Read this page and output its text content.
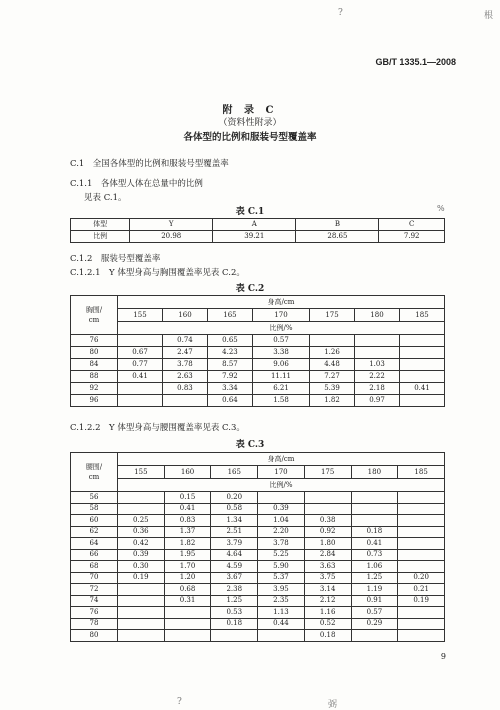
?	根
GB/T 1335.1—2008
附 录 C
（资料性附录）
各体型的比例和服装号型覆盖率
C.1　全国各体型的比例和服装号型覆盖率
C.1.1　各体型人体在总量中的比例
见表 C.1。
表 C.1	%
体型	Y	A	B	C
比例	20.98	39.21	28.65	7.92
C.1.2　服装号型覆盖率
C.1.2.1　Y 体型身高与胸围覆盖率见表 C.2。
表 C.2
胸围/
cm	身高/cm						
	155	160	165	170	175	180	185
	比例/%						
76		0.74	0.65	0.57			
80	0.67	2.47	4.23	3.38	1.26		
84	0.77	3.78	8.57	9.06	4.48	1.03	
88	0.41	2.63	7.92	11.11	7.27	2.22	
92		0.83	3.34	6.21	5.39	2.18	0.41
96			0.64	1.58	1.82	0.97	
C.1.2.2　Y 体型身高与腰围覆盖率见表 C.3。
表 C.3
腰围/
cm	身高/cm						
	155	160	165	170	175	180	185
	比例/%						
56		0.15	0.20				
58		0.41	0.58	0.39			
60	0.25	0.83	1.34	1.04	0.38		
62	0.36	1.37	2.51	2.20	0.92	0.18	
64	0.42	1.82	3.79	3.78	1.80	0.41	
66	0.39	1.95	4.64	5.25	2.84	0.73	
68	0.30	1.70	4.59	5.90	3.63	1.06	
70	0.19	1.20	3.67	5.37	3.75	1.25	0.20
72		0.68	2.38	3.95	3.14	1.19	0.21
74		0.31	1.25	2.35	2.12	0.91	0.19
76			0.53	1.13	1.16	0.57	
78			0.18	0.44	0.52	0.29	
80					0.18		
9
?	弼
